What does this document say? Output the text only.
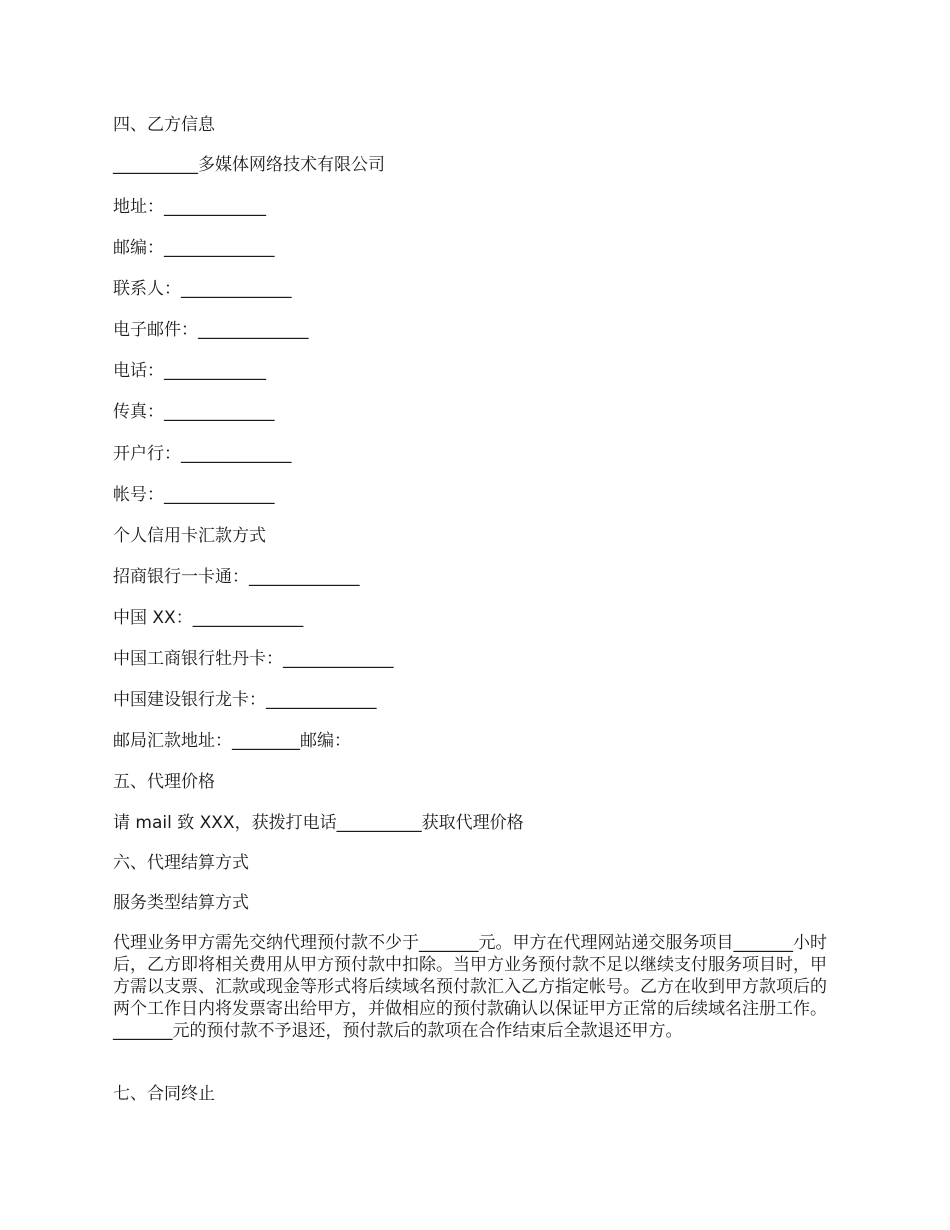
四、乙方信息
__________多媒体网络技术有限公司
地址：____________
邮编：_____________
联系人：_____________
电子邮件：_____________
电话：____________
传真：_____________
开户行：_____________
帐号：_____________
个人信用卡汇款方式
招商银行一卡通：_____________
中国 XX：_____________
中国工商银行牡丹卡：_____________
中国建设银行龙卡：_____________
邮局汇款地址：________邮编：
五、代理价格
请 mail 致 XXX，获拨打电话__________获取代理价格
六、代理结算方式
服务类型结算方式
代理业务甲方需先交纳代理预付款不少于_______元。甲方在代理网站递交服务项目_______小时后，乙方即将相关费用从甲方预付款中扣除。当甲方业务预付款不足以继续支付服务项目时，甲方需以支票、汇款或现金等形式将后续域名预付款汇入乙方指定帐号。乙方在收到甲方款项后的两个工作日内将发票寄出给甲方，并做相应的预付款确认以保证甲方正常的后续域名注册工作。_______元的预付款不予退还，预付款后的款项在合作结束后全款退还甲方。
七、合同终止
